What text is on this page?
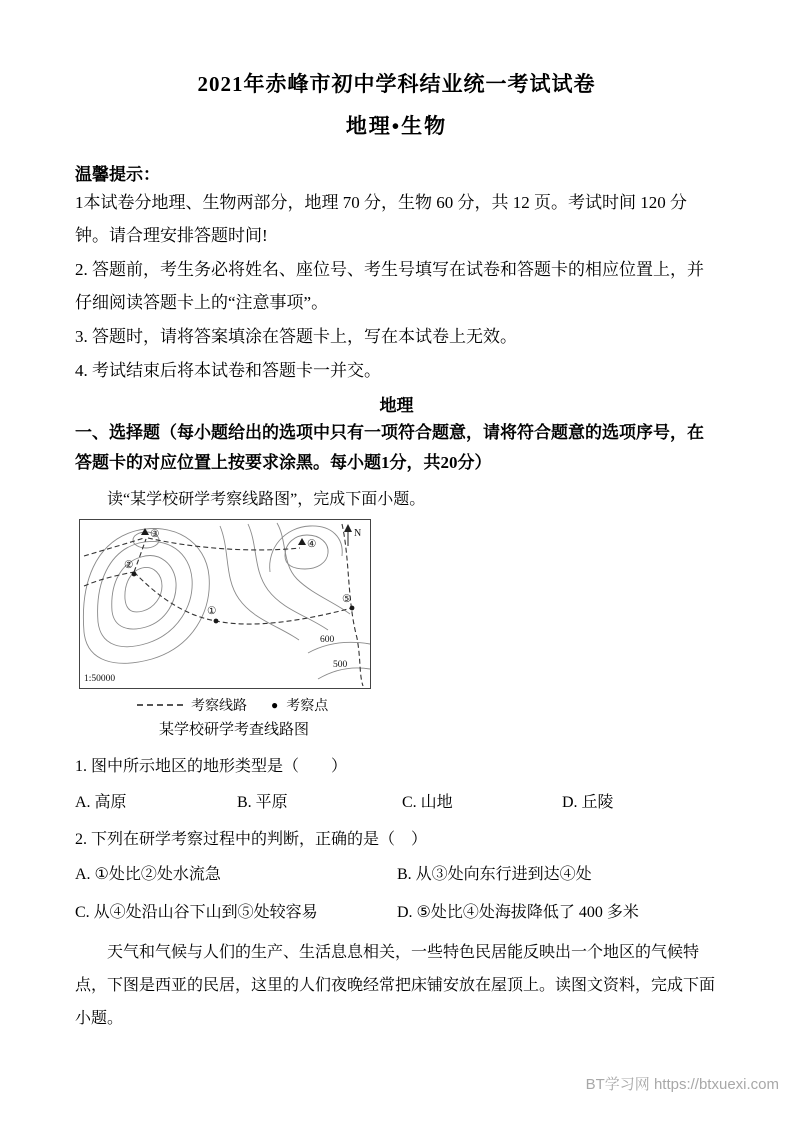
2021年赤峰市初中学科结业统一考试试卷
地理•生物

温馨提示：

1本试卷分地理、生物两部分，地理 70 分，生物 60 分，共 12 页。考试时间 120 分钟。请合理安排答题时间!

2. 答题前，考生务必将姓名、座位号、考生号填写在试卷和答题卡的相应位置上，并仔细阅读答题卡上的“注意事项”。

3. 答题时，请将答案填涂在答题卡上，写在本试卷上无效。

4. 考试结束后将本试卷和答题卡一并交。

地理

一、选择题（每小题给出的选项中只有一项符合题意，请将符合题意的选项序号，在答题卡的对应位置上按要求涂黑。每小题1分，共20分）

读“某学校研学考察线路图”，完成下面小题。

N
②
①
⑤
③
④
600
500
1:50000
考察线路 ● 考察点
某学校研学考查线路图

1. 图中所示地区的地形类型是（　　）

A. 高原	B. 平原	C. 山地	D. 丘陵

2. 下列在研学考察过程中的判断，正确的是（　）

A. ①处比②处水流急	B. 从③处向东行进到达④处
C. 从④处沿山谷下山到⑤处较容易	D. ⑤处比④处海拔降低了 400 多米

天气和气候与人们的生产、生活息息相关，一些特色民居能反映出一个地区的气候特点，下图是西亚的民居，这里的人们夜晚经常把床铺安放在屋顶上。读图文资料，完成下面小题。

BT学习网 https://btxuexi.com
